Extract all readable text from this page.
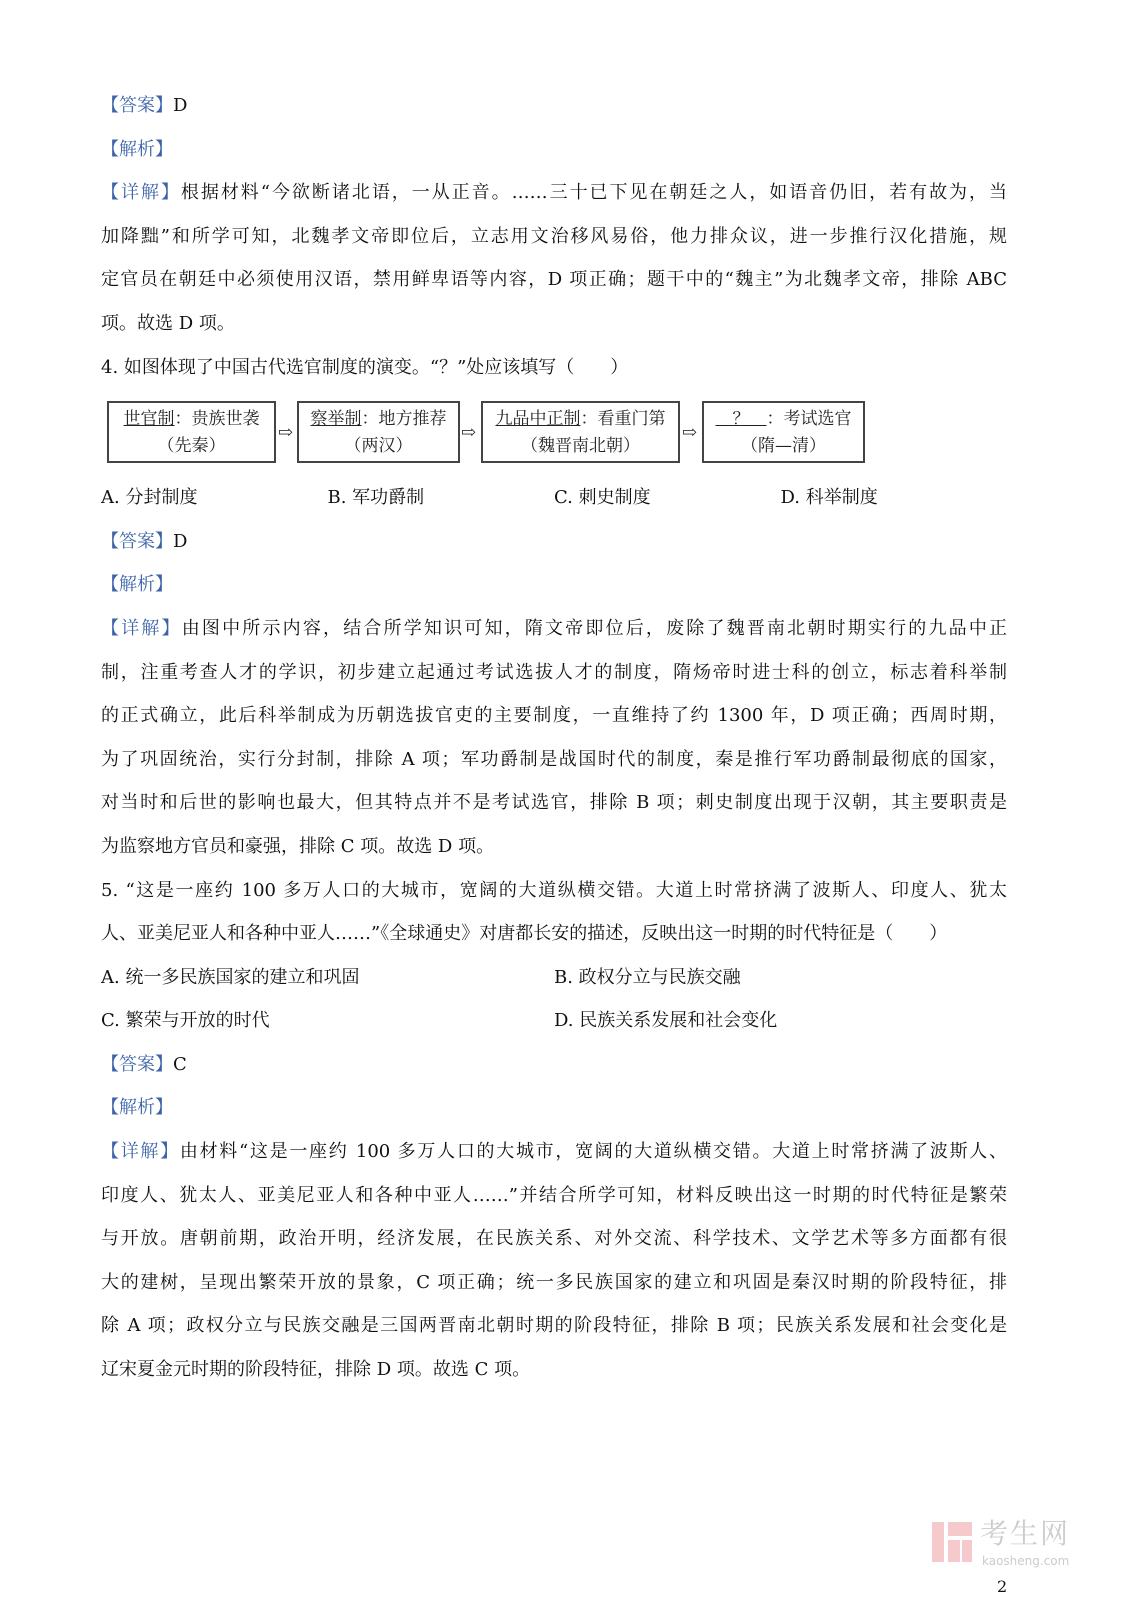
【答案】D
【解析】
【详解】根据材料“今欲断诸北语，一从正音。……三十已下见在朝廷之人，如语音仍旧，若有故为，当
加降黜”和所学可知，北魏孝文帝即位后，立志用文治移风易俗，他力排众议，进一步推行汉化措施，规
定官员在朝廷中必须使用汉语，禁用鲜卑语等内容，D 项正确；题干中的“魏主”为北魏孝文帝，排除 ABC
项。故选 D 项。
4. 如图体现了中国古代选官制度的演变。“？”处应该填写（　　）
世官制：贵族世袭
（先秦）
⇨
察举制：地方推荐
（两汉）
⇨
九品中正制：看重门第
（魏晋南北朝）
⇨
　？　：考试选官
（隋—清）
A. 分封制度	B. 军功爵制	C. 刺史制度	D. 科举制度
【答案】D
【解析】
【详解】由图中所示内容，结合所学知识可知，隋文帝即位后，废除了魏晋南北朝时期实行的九品中正
制，注重考查人才的学识，初步建立起通过考试选拔人才的制度，隋炀帝时进士科的创立，标志着科举制
的正式确立，此后科举制成为历朝选拔官吏的主要制度，一直维持了约 1300 年，D 项正确；西周时期，
为了巩固统治，实行分封制，排除 A 项；军功爵制是战国时代的制度，秦是推行军功爵制最彻底的国家，
对当时和后世的影响也最大，但其特点并不是考试选官，排除 B 项；刺史制度出现于汉朝，其主要职责是
为监察地方官员和豪强，排除 C 项。故选 D 项。
5. “这是一座约 100 多万人口的大城市，宽阔的大道纵横交错。大道上时常挤满了波斯人、印度人、犹太
人、亚美尼亚人和各种中亚人……”《全球通史》对唐都长安的描述，反映出这一时期的时代特征是（　　）
A. 统一多民族国家的建立和巩固	B. 政权分立与民族交融
C. 繁荣与开放的时代	D. 民族关系发展和社会变化
【答案】C
【解析】
【详解】由材料“这是一座约 100 多万人口的大城市，宽阔的大道纵横交错。大道上时常挤满了波斯人、
印度人、犹太人、亚美尼亚人和各种中亚人……”并结合所学可知，材料反映出这一时期的时代特征是繁荣
与开放。唐朝前期，政治开明，经济发展，在民族关系、对外交流、科学技术、文学艺术等多方面都有很
大的建树，呈现出繁荣开放的景象，C 项正确；统一多民族国家的建立和巩固是秦汉时期的阶段特征，排
除 A 项；政权分立与民族交融是三国两晋南北朝时期的阶段特征，排除 B 项；民族关系发展和社会变化是
辽宋夏金元时期的阶段特征，排除 D 项。故选 C 项。
考生网
kaosheng.com
2
